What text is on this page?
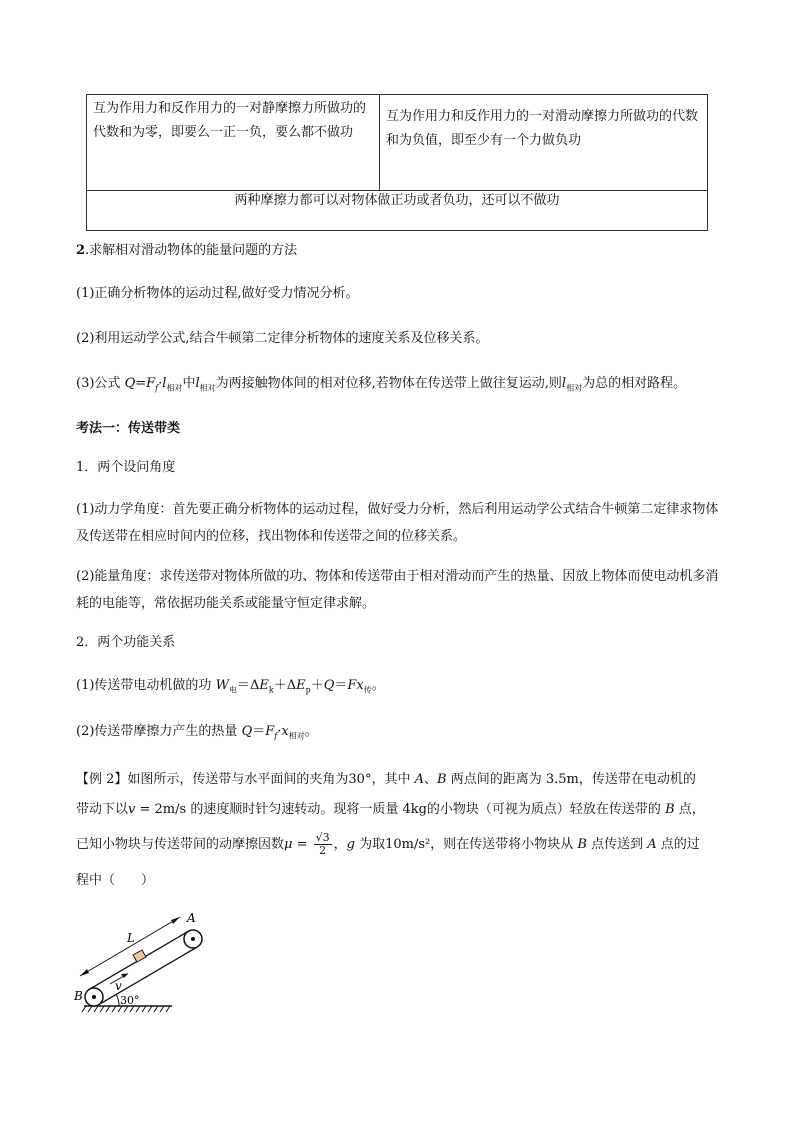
互为作用力和反作用力的一对静摩擦力所做功的代数和为零，即要么一正一负，要么都不做功
互为作用力和反作用力的一对滑动摩擦力所做功的代数和为负值，即至少有一个力做负功
两种摩擦力都可以对物体做正功或者负功，还可以不做功
2.求解相对滑动物体的能量问题的方法
(1)正确分析物体的运动过程,做好受力情况分析。
(2)利用运动学公式,结合牛顿第二定律分析物体的速度关系及位移关系。
(3)公式 $Q=F_f\cdot l_{相对}$中$l_{相对}$为两接触物体间的相对位移,若物体在传送带上做往复运动,则$l_{相对}$为总的相对路程。
考法一：传送带类
1．两个设问角度
(1)动力学角度：首先要正确分析物体的运动过程，做好受力分析，然后利用运动学公式结合牛顿第二定律求物体及传送带在相应时间内的位移，找出物体和传送带之间的位移关系。
(2)能量角度：求传送带对物体所做的功、物体和传送带由于相对滑动而产生的热量、因放上物体而使电动机多消耗的电能等，常依据功能关系或能量守恒定律求解。
2．两个功能关系
(1)传送带电动机做的功 $W_电=\Delta E_k+\Delta E_p+Q=Fx_传$。
(2)传送带摩擦力产生的热量 $Q=F_f\cdot x_{相对}$。
【例 2】如图所示，传送带与水平面间的夹角为30°，其中 A、B 两点间的距离为 3.5m，传送带在电动机的
带动下以v = 2m/s 的速度顺时针匀速转动。现将一质量 4kg的小物块（可视为质点）轻放在传送带的 B 点，
已知小物块与传送带间的动摩擦因数$\mu = \frac{√3}{2}$ ，g 为取10m/s²，则在传送带将小物块从 B 点传送到 A 点的过
程中（　　）
30°
L
v
B
A
